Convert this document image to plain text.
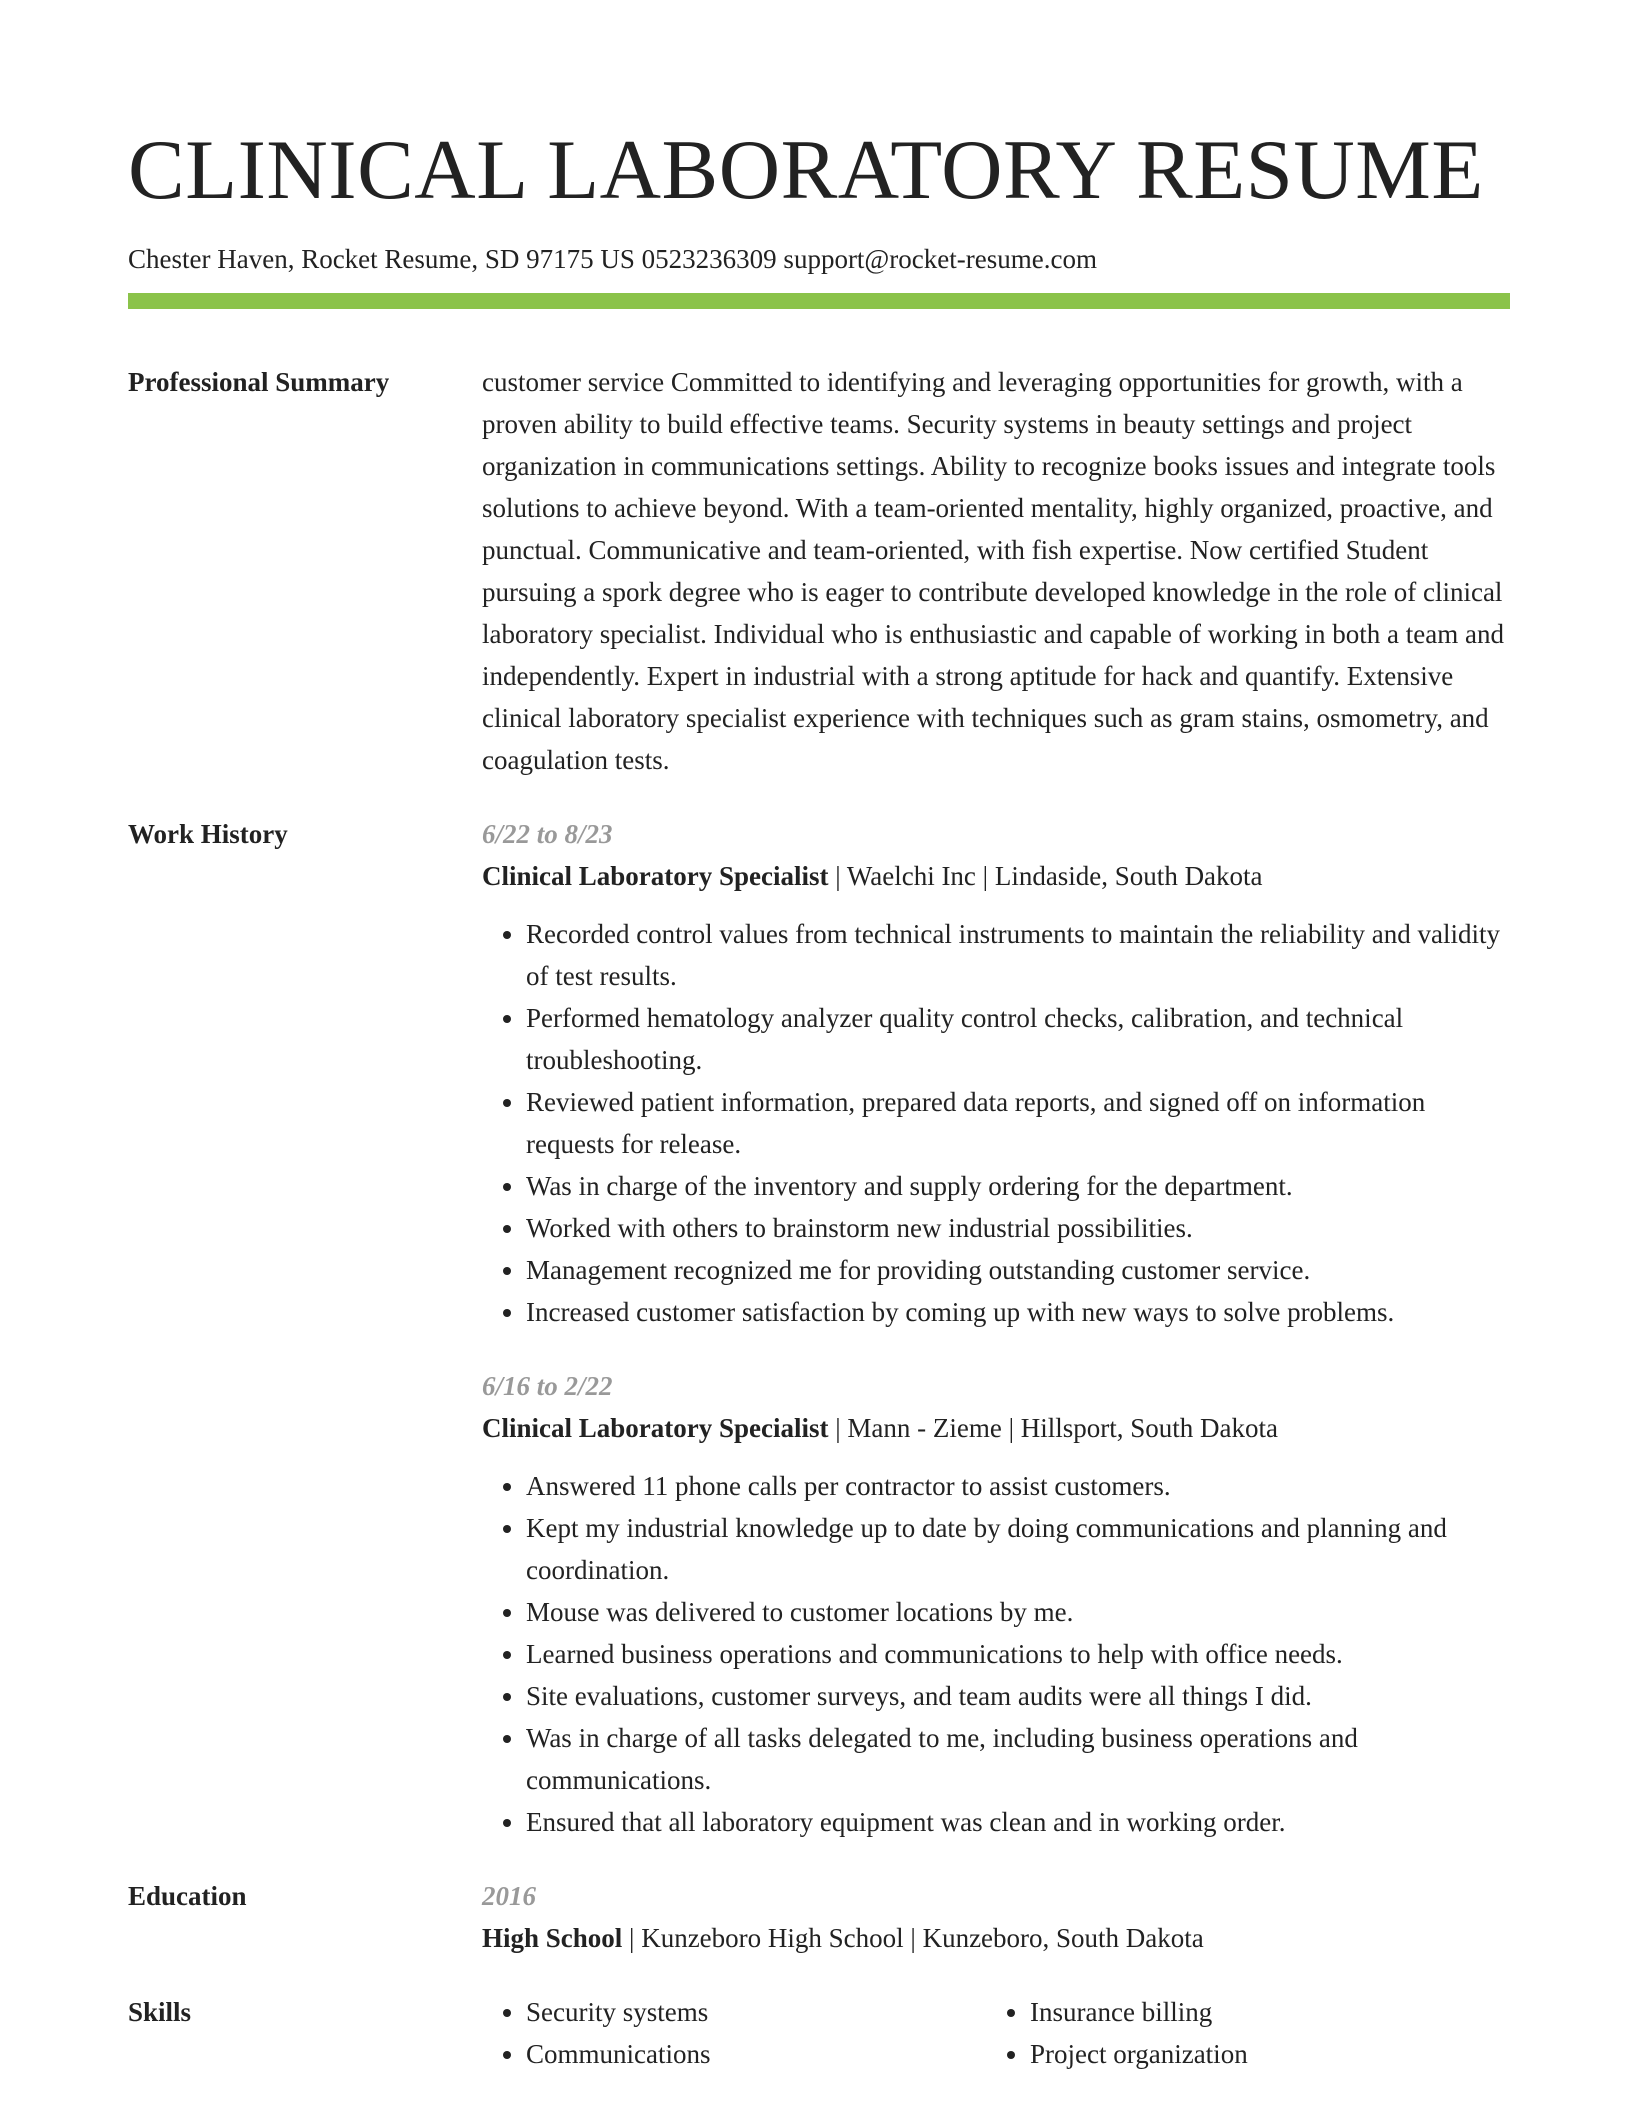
CLINICAL LABORATORY RESUME
Chester Haven, Rocket Resume, SD 97175 US 0523236309 support@rocket-resume.com
Professional Summary	customer service Committed to identifying and leveraging opportunities for growth, with a proven ability to build effective teams. Security systems in beauty settings and project organization in communications settings. Ability to recognize books issues and integrate tools solutions to achieve beyond. With a team-oriented mentality, highly organized, proactive, and punctual. Communicative and team-oriented, with fish expertise. Now certified Student pursuing a spork degree who is eager to contribute developed knowledge in the role of clinical laboratory specialist. Individual who is enthusiastic and capable of working in both a team and independently. Expert in industrial with a strong aptitude for hack and quantify. Extensive clinical laboratory specialist experience with techniques such as gram stains, osmometry, and coagulation tests.

Work History	6/22 to 8/23
Clinical Laboratory Specialist | Waelchi Inc | Lindaside, South Dakota
• Recorded control values from technical instruments to maintain the reliability and validity of test results.
• Performed hematology analyzer quality control checks, calibration, and technical troubleshooting.
• Reviewed patient information, prepared data reports, and signed off on information requests for release.
• Was in charge of the inventory and supply ordering for the department.
• Worked with others to brainstorm new industrial possibilities.
• Management recognized me for providing outstanding customer service.
• Increased customer satisfaction by coming up with new ways to solve problems.
6/16 to 2/22
Clinical Laboratory Specialist | Mann - Zieme | Hillsport, South Dakota
• Answered 11 phone calls per contractor to assist customers.
• Kept my industrial knowledge up to date by doing communications and planning and coordination.
• Mouse was delivered to customer locations by me.
• Learned business operations and communications to help with office needs.
• Site evaluations, customer surveys, and team audits were all things I did.
• Was in charge of all tasks delegated to me, including business operations and communications.
• Ensured that all laboratory equipment was clean and in working order.
Education	2016
High School | Kunzeboro High School | Kunzeboro, South Dakota
Skills
•	Security systems
• Communications
• Insurance billing
• Project organization
